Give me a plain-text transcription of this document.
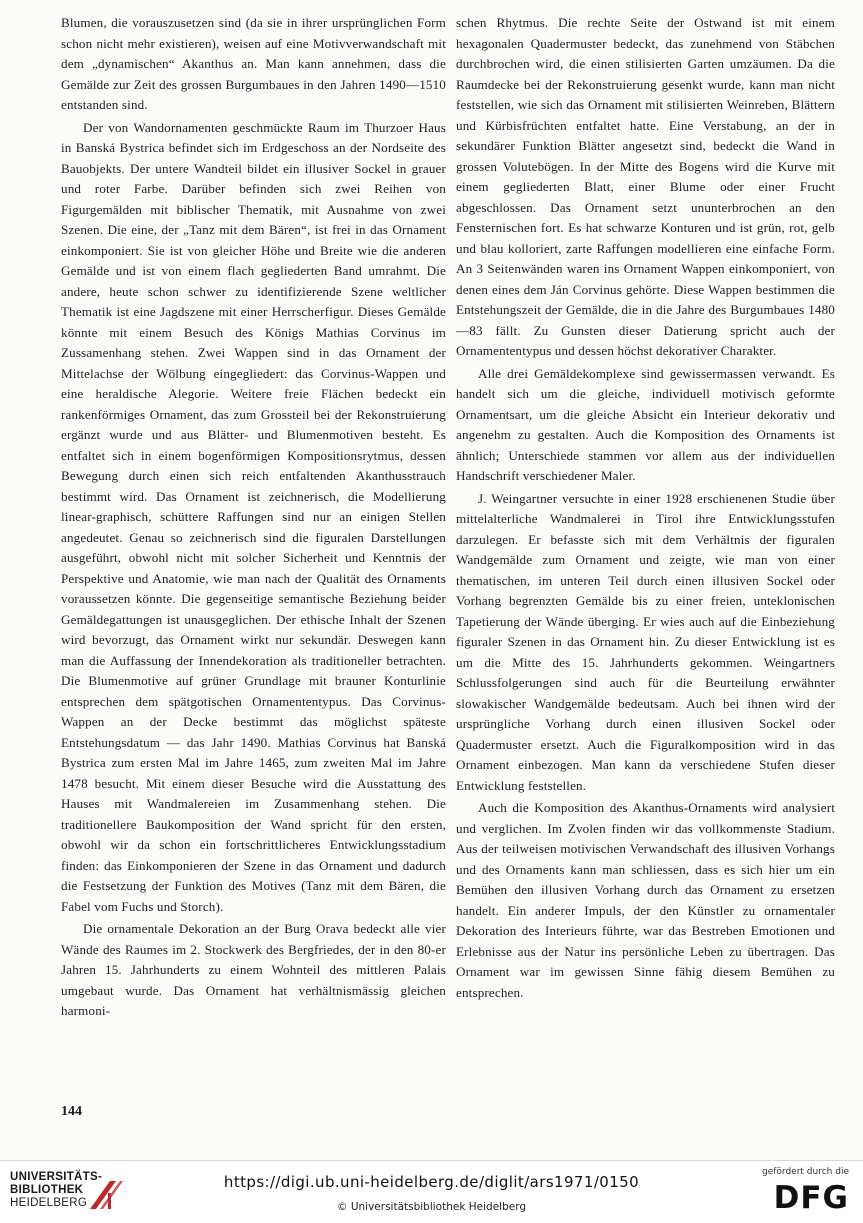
Blumen, die vorauszusetzen sind (da sie in ihrer ursprünglichen Form schon nicht mehr existieren), weisen auf eine Motivverwandschaft mit dem „dynamischen“ Akanthus an. Man kann annehmen, dass die Gemälde zur Zeit des grossen Burgumbaues in den Jahren 1490—1510 entstanden sind.

Der von Wandornamenten geschmückte Raum im Thurzoer Haus in Banská Bystrica befindet sich im Erdgeschoss an der Nordseite des Bauobjekts. Der untere Wandteil bildet ein illusiver Sockel in grauer und roter Farbe. Darüber befinden sich zwei Reihen von Figurgemälden mit biblischer Thematik, mit Ausnahme von zwei Szenen. Die eine, der „Tanz mit dem Bären“, ist frei in das Ornament einkomponiert. Sie ist von gleicher Höhe und Breite wie die anderen Gemälde und ist von einem flach gegliederten Band umrahmt. Die andere, heute schon schwer zu identifizierende Szene weltlicher Thematik ist eine Jagdszene mit einer Herrscherfigur. Dieses Gemälde könnte mit einem Besuch des Königs Mathias Corvinus im Zussamenhang stehen. Zwei Wappen sind in das Ornament der Mittelachse der Wölbung eingegliedert: das Corvinus-Wappen und eine heraldische Alegorie. Weitere freie Flächen bedeckt ein rankenförmiges Ornament, das zum Grossteil bei der Rekonstruierung ergänzt wurde und aus Blätter- und Blumenmotiven besteht. Es entfaltet sich in einem bogenförmigen Kompositionsrytmus, dessen Bewegung durch einen sich reich entfaltenden Akanthusstrauch bestimmt wird. Das Ornament ist zeichnerisch, die Modellierung linear-graphisch, schüttere Raffungen sind nur an einigen Stellen angedeutet. Genau so zeichnerisch sind die figuralen Darstellungen ausgeführt, obwohl nicht mit solcher Sicherheit und Kenntnis der Perspektive und Anatomie, wie man nach der Qualität des Ornaments voraussetzen könnte. Die gegenseitige semantische Beziehung beider Gemäldegattungen ist unausgeglichen. Der ethische Inhalt der Szenen wird bevorzugt, das Ornament wirkt nur sekundär. Deswegen kann man die Auffassung der Innendekoration als traditioneller betrachten. Die Blumenmotive auf grüner Grundlage mit brauner Konturlinie entsprechen dem spätgotischen Ornamententypus. Das Corvinus-Wappen an der Decke bestimmt das möglichst späteste Entstehungsdatum — das Jahr 1490. Mathias Corvinus hat Banská Bystrica zum ersten Mal im Jahre 1465, zum zweiten Mal im Jahre 1478 besucht. Mit einem dieser Besuche wird die Ausstattung des Hauses mit Wandmalereien im Zusammenhang stehen. Die traditionellere Baukomposition der Wand spricht für den ersten, obwohl wir da schon ein fortschrittlicheres Entwicklungsstadium finden: das Einkomponieren der Szene in das Ornament und dadurch die Festsetzung der Funktion des Motives (Tanz mit dem Bären, die Fabel vom Fuchs und Storch).

Die ornamentale Dekoration an der Burg Orava bedeckt alle vier Wände des Raumes im 2. Stockwerk des Bergfriedes, der in den 80-er Jahren 15. Jahrhunderts zu einem Wohnteil des mittleren Palais umgebaut wurde. Das Ornament hat verhältnismässig gleichen harmoni-

schen Rhytmus. Die rechte Seite der Ostwand ist mit einem hexagonalen Quadermuster bedeckt, das zunehmend von Stäbchen durchbrochen wird, die einen stilisierten Garten umzäumen. Da die Raumdecke bei der Rekonstruierung gesenkt wurde, kann man nicht feststellen, wie sich das Ornament mit stilisierten Weinreben, Blättern und Kürbisfrüchten entfaltet hatte. Eine Verstabung, an der in sekundärer Funktion Blätter angesetzt sind, bedeckt die Wand in grossen Volutebögen. In der Mitte des Bogens wird die Kurve mit einem gegliederten Blatt, einer Blume oder einer Frucht abgeschlossen. Das Ornament setzt ununterbrochen an den Fensternischen fort. Es hat schwarze Konturen und ist grün, rot, gelb und blau kolloriert, zarte Raffungen modellieren eine einfache Form. An 3 Seitenwänden waren ins Ornament Wappen einkomponiert, von denen eines dem Ján Corvinus gehörte. Diese Wappen bestimmen die Entstehungszeit der Gemälde, die in die Jahre des Burgumbaues 1480—83 fällt. Zu Gunsten dieser Datierung spricht auch der Ornamententypus und dessen höchst dekorativer Charakter.

Alle drei Gemäldekomplexe sind gewissermassen verwandt. Es handelt sich um die gleiche, individuell motivisch geformte Ornamentsart, um die gleiche Absicht ein Interieur dekorativ und angenehm zu gestalten. Auch die Komposition des Ornaments ist ähnlich; Unterschiede stammen vor allem aus der individuellen Handschrift verschiedener Maler.

J. Weingartner versuchte in einer 1928 erschienenen Studie über mittelalterliche Wandmalerei in Tirol ihre Entwicklungsstufen darzulegen. Er befasste sich mit dem Verhältnis der figuralen Wandgemälde zum Ornament und zeigte, wie man von einer thematischen, im unteren Teil durch einen illusiven Sockel oder Vorhang begrenzten Gemälde bis zu einer freien, unteklonischen Tapetierung der Wände überging. Er wies auch auf die Einbeziehung figuraler Szenen in das Ornament hin. Zu dieser Entwicklung ist es um die Mitte des 15. Jahrhunderts gekommen. Weingartners Schlussfolgerungen sind auch für die Beurteilung erwähnter slowakischer Wandgemälde bedeutsam. Auch bei ihnen wird der ursprüngliche Vorhang durch einen illusiven Sockel oder Quadermuster ersetzt. Auch die Figuralkomposition wird in das Ornament einbezogen. Man kann da verschiedene Stufen dieser Entwicklung feststellen.

Auch die Komposition des Akanthus-Ornaments wird analysiert und verglichen. Im Zvolen finden wir das vollkommenste Stadium. Aus der teilweisen motivischen Verwandschaft des illusiven Vorhangs und des Ornaments kann man schliessen, dass es sich hier um ein Bemühen den illusiven Vorhang durch das Ornament zu ersetzen handelt. Ein anderer Impuls, der den Künstler zu ornamentaler Dekoration des Interieurs führte, war das Bestreben Emotionen und Erlebnisse aus der Natur ins persönliche Leben zu übertragen. Das Ornament war im gewissen Sinne fähig diesem Bemühen zu entsprechen.

144
UNIVERSITÄTS-
BIBLIOTHEK
HEIDELBERG
https://digi.ub.uni-heidelberg.de/diglit/ars1971/0150
© Universitätsbibliothek Heidelberg
gefördert durch die
DFG
